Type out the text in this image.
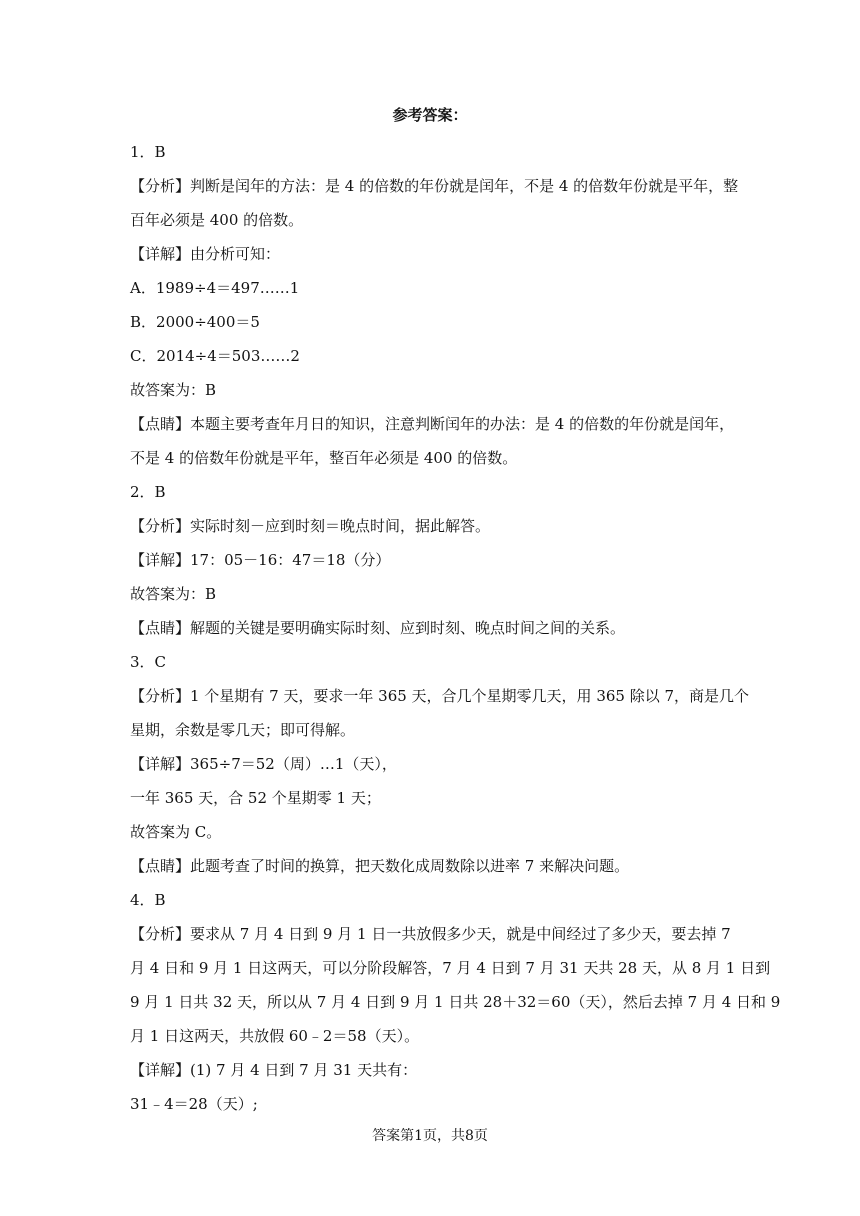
参考答案：

1．B

【分析】判断是闰年的方法：是 4 的倍数的年份就是闰年，不是 4 的倍数年份就是平年，整

百年必须是 400 的倍数。

【详解】由分析可知：

A．1989÷4＝497……1

B．2000÷400＝5

C．2014÷4＝503……2

故答案为：B

【点睛】本题主要考查年月日的知识，注意判断闰年的办法：是 4 的倍数的年份就是闰年，

不是 4 的倍数年份就是平年，整百年必须是 400 的倍数。

2．B

【分析】实际时刻－应到时刻＝晚点时间，据此解答。

【详解】17：05－16：47＝18（分）

故答案为：B

【点睛】解题的关键是要明确实际时刻、应到时刻、晚点时间之间的关系。

3．C

【分析】1 个星期有 7 天，要求一年 365 天，合几个星期零几天，用 365 除以 7，商是几个

星期，余数是零几天；即可得解。

【详解】365÷7＝52（周）…1（天），

一年 365 天，合 52 个星期零 1 天；

故答案为 C。

【点睛】此题考查了时间的换算，把天数化成周数除以进率 7 来解决问题。

4．B

【分析】要求从 7 月 4 日到 9 月 1 日一共放假多少天，就是中间经过了多少天，要去掉 7

月 4 日和 9 月 1 日这两天，可以分阶段解答，7 月 4 日到 7 月 31 天共 28 天，从 8 月 1 日到

9 月 1 日共 32 天，所以从 7 月 4 日到 9 月 1 日共 28＋32＝60（天），然后去掉 7 月 4 日和 9

月 1 日这两天，共放假 60﹣2＝58（天）。

【详解】(1) 7 月 4 日到 7 月 31 天共有：

31﹣4＝28（天）;

答案第1页，共8页
